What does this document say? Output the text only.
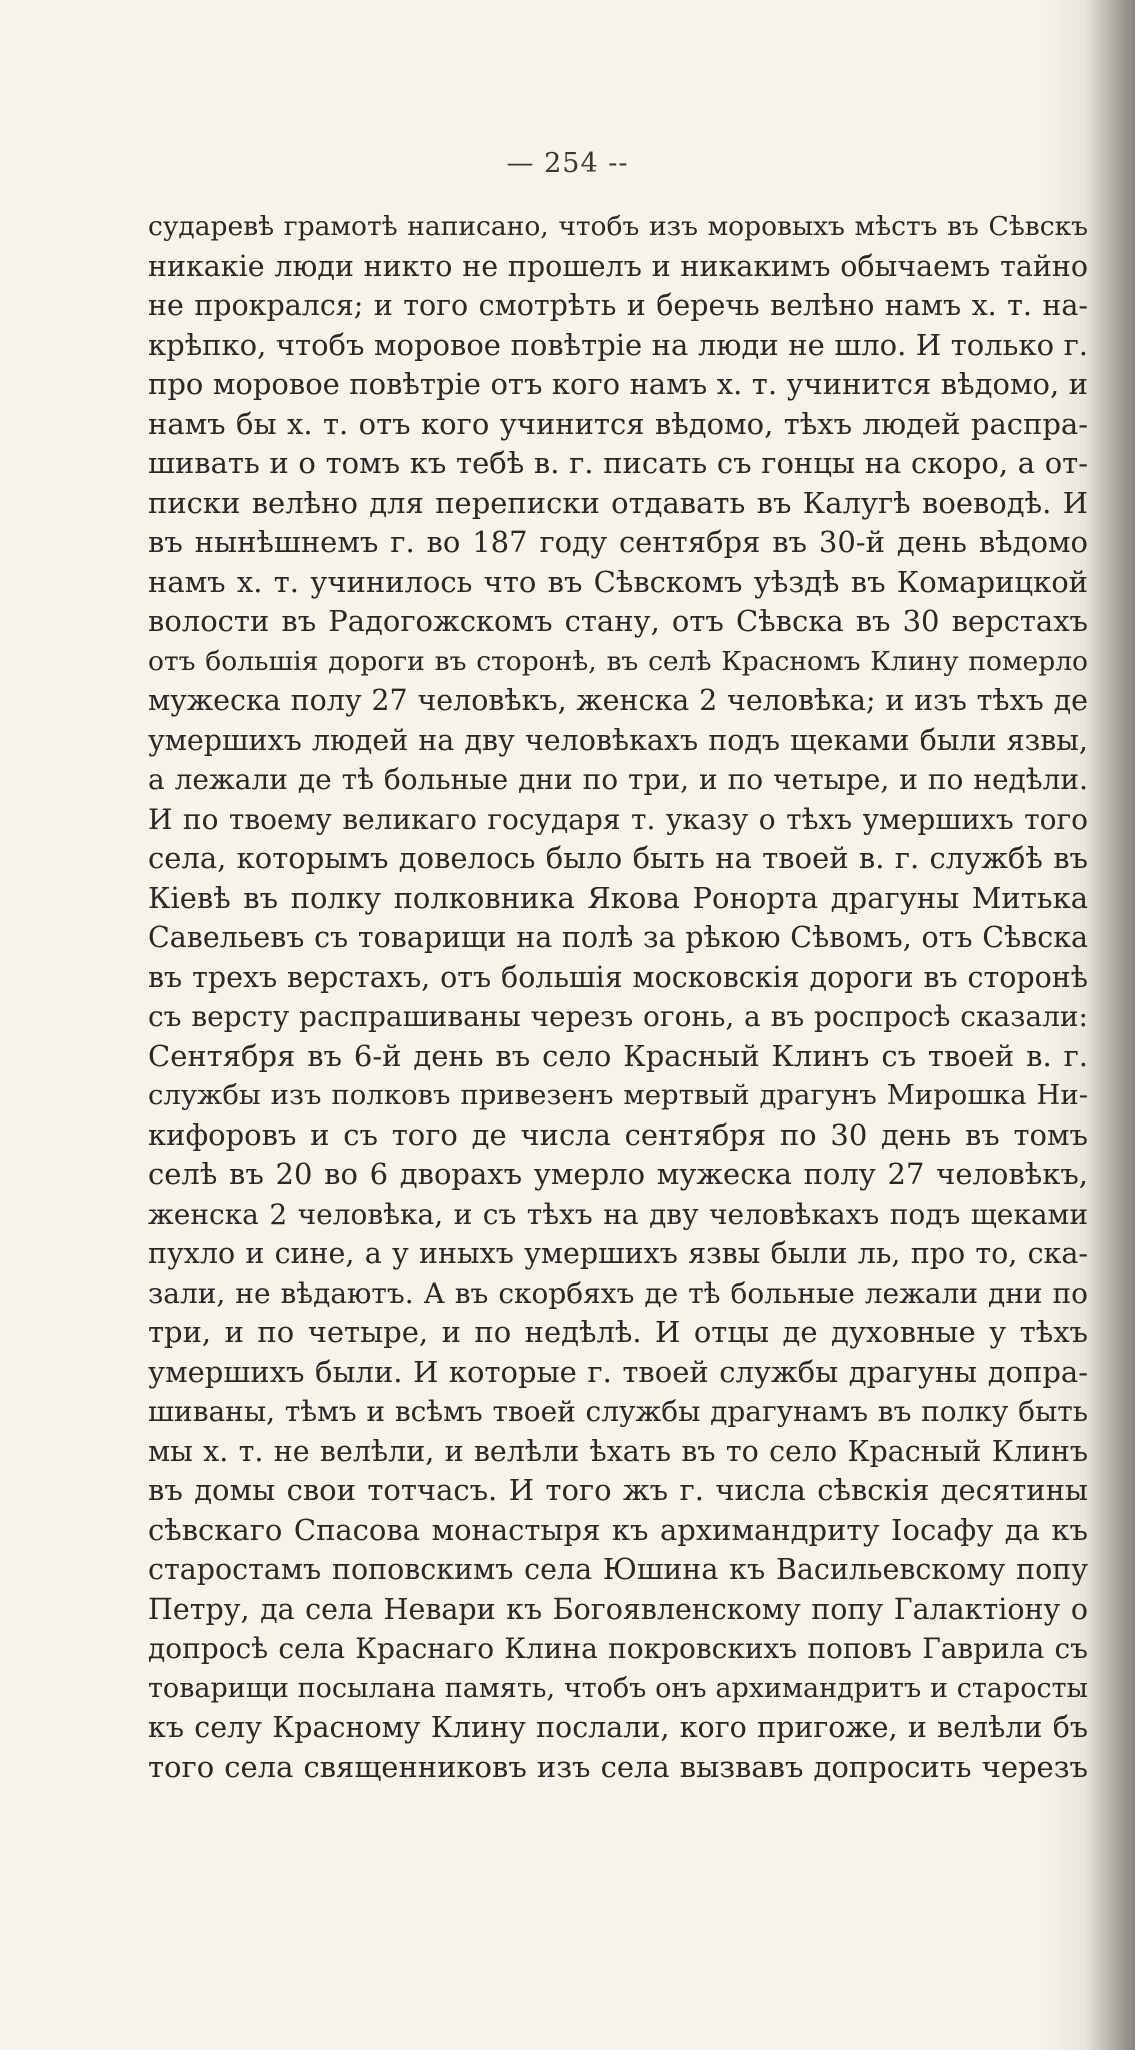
— 254 --
сударевѣ грамотѣ написано, чтобъ изъ моровыхъ мѣстъ въ Сѣвскъ
никакіе люди никто не прошелъ и никакимъ обычаемъ тайно
не прокрался; и того смотрѣть и беречь велѣно намъ х. т. на-
крѣпко, чтобъ моровое повѣтріе на люди не шло. И только г.
про моровое повѣтріе отъ кого намъ х. т. учинится вѣдомо, и
намъ бы х. т. отъ кого учинится вѣдомо, тѣхъ людей распра-
шивать и о томъ къ тебѣ в. г. писать съ гонцы на скоро, а от-
писки велѣно для переписки отдавать въ Калугѣ воеводѣ. И
въ нынѣшнемъ г. во 187 году сентября въ 30-й день вѣдомо
намъ х. т. учинилось что въ Сѣвскомъ уѣздѣ въ Комарицкой
волости въ Радогожскомъ стану, отъ Сѣвска въ 30 верстахъ
отъ большія дороги въ сторонѣ, въ селѣ Красномъ Клину померло
мужеска полу 27 человѣкъ, женска 2 человѣка; и изъ тѣхъ де
умершихъ людей на дву человѣкахъ подъ щеками были язвы,
а лежали де тѣ больные дни по три, и по четыре, и по недѣли.
И по твоему великаго государя т. указу о тѣхъ умершихъ того
села, которымъ довелось было быть на твоей в. г. службѣ въ
Кіевѣ въ полку полковника Якова Ронорта драгуны Митька
Савельевъ съ товарищи на полѣ за рѣкою Сѣвомъ, отъ Сѣвска
въ трехъ верстахъ, отъ большія московскія дороги въ сторонѣ
съ версту распрашиваны черезъ огонь, а въ роспросѣ сказали:
Сентября въ 6-й день въ село Красный Клинъ съ твоей в. г.
службы изъ полковъ привезенъ мертвый драгунъ Мирошка Ни-
кифоровъ и съ того де числа сентября по 30 день въ томъ
селѣ въ 20 во 6 дворахъ умерло мужеска полу 27 человѣкъ,
женска 2 человѣка, и съ тѣхъ на дву человѣкахъ подъ щеками
пухло и сине, а у иныхъ умершихъ язвы были ль, про то, ска-
зали, не вѣдаютъ. А въ скорбяхъ де тѣ больные лежали дни по
три, и по четыре, и по недѣлѣ. И отцы де духовные у тѣхъ
умершихъ были. И которые г. твоей службы драгуны допра-
шиваны, тѣмъ и всѣмъ твоей службы драгунамъ въ полку быть
мы х. т. не велѣли, и велѣли ѣхать въ то село Красный Клинъ
въ домы свои тотчасъ. И того жъ г. числа сѣвскія десятины
сѣвскаго Спасова монастыря къ архимандриту Іосафу да къ
старостамъ поповскимъ села Юшина къ Васильевскому попу
Петру, да села Невари къ Богоявленскому попу Галактіону о
допросѣ села Краснаго Клина покровскихъ поповъ Гаврила съ
товарищи посылана память, чтобъ онъ архимандритъ и старосты
къ селу Красному Клину послали, кого пригоже, и велѣли бъ
того села священниковъ изъ села вызвавъ допросить черезъ
